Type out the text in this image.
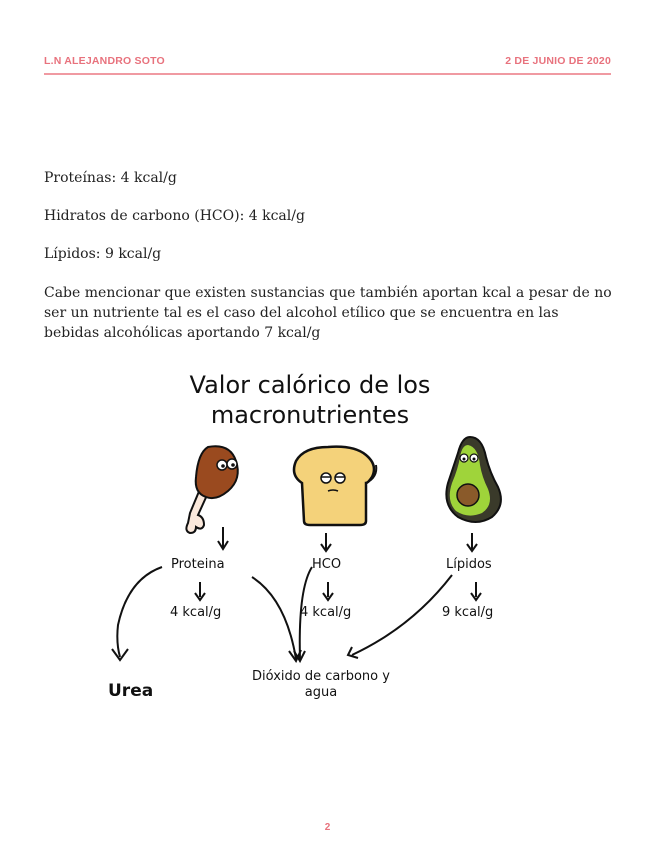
L.N ALEJANDRO SOTO	2 DE JUNIO DE 2020
Proteínas: 4 kcal/g
Hidratos de carbono (HCO): 4 kcal/g
Lípidos: 9 kcal/g
Cabe mencionar que existen sustancias que también aportan kcal a pesar de no ser un nutriente tal es el caso del alcohol etílico que se encuentra en las bebidas alcohólicas aportando 7 kcal/g
Valor calórico de los
macronutrientes
Proteina	HCO	Lípidos
4 kcal/g	4 kcal/g	9 kcal/g
Urea
Dióxido de carbono y
agua
2
